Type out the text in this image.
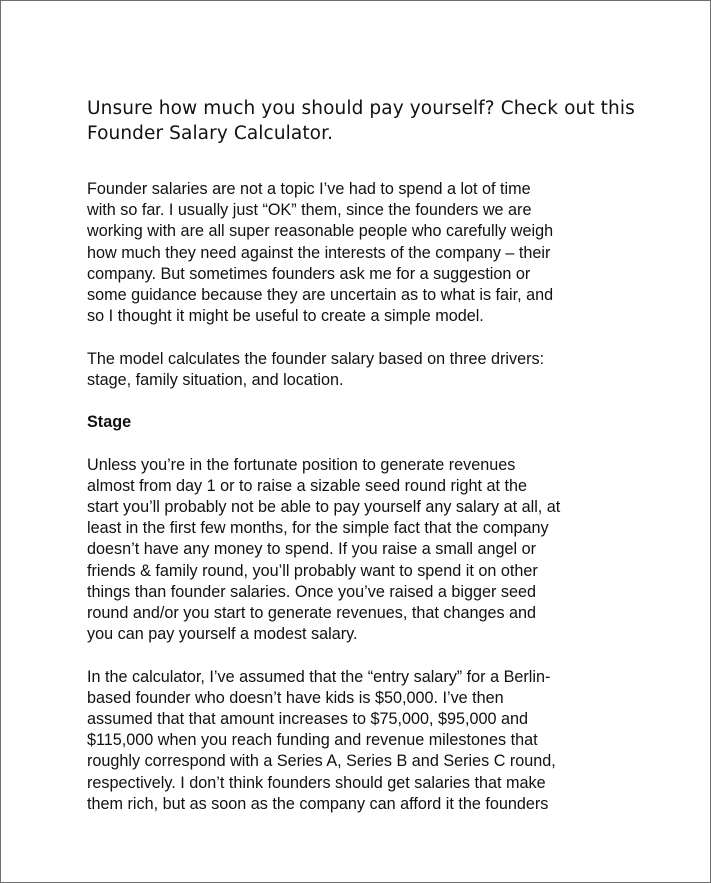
Unsure how much you should pay yourself? Check out this
Founder Salary Calculator.

Founder salaries are not a topic I’ve had to spend a lot of time
with so far. I usually just “OK” them, since the founders we are
working with are all super reasonable people who carefully weigh
how much they need against the interests of the company – their
company. But sometimes founders ask me for a suggestion or
some guidance because they are uncertain as to what is fair, and
so I thought it might be useful to create a simple model.

The model calculates the founder salary based on three drivers:
stage, family situation, and location.

Stage

Unless you’re in the fortunate position to generate revenues
almost from day 1 or to raise a sizable seed round right at the
start you’ll probably not be able to pay yourself any salary at all, at
least in the first few months, for the simple fact that the company
doesn’t have any money to spend. If you raise a small angel or
friends & family round, you’ll probably want to spend it on other
things than founder salaries. Once you’ve raised a bigger seed
round and/or you start to generate revenues, that changes and
you can pay yourself a modest salary.

In the calculator, I’ve assumed that the “entry salary” for a Berlin-
based founder who doesn’t have kids is $50,000. I’ve then
assumed that that amount increases to $75,000, $95,000 and
$115,000 when you reach funding and revenue milestones that
roughly correspond with a Series A, Series B and Series C round,
respectively. I don’t think founders should get salaries that make
them rich, but as soon as the company can afford it the founders
